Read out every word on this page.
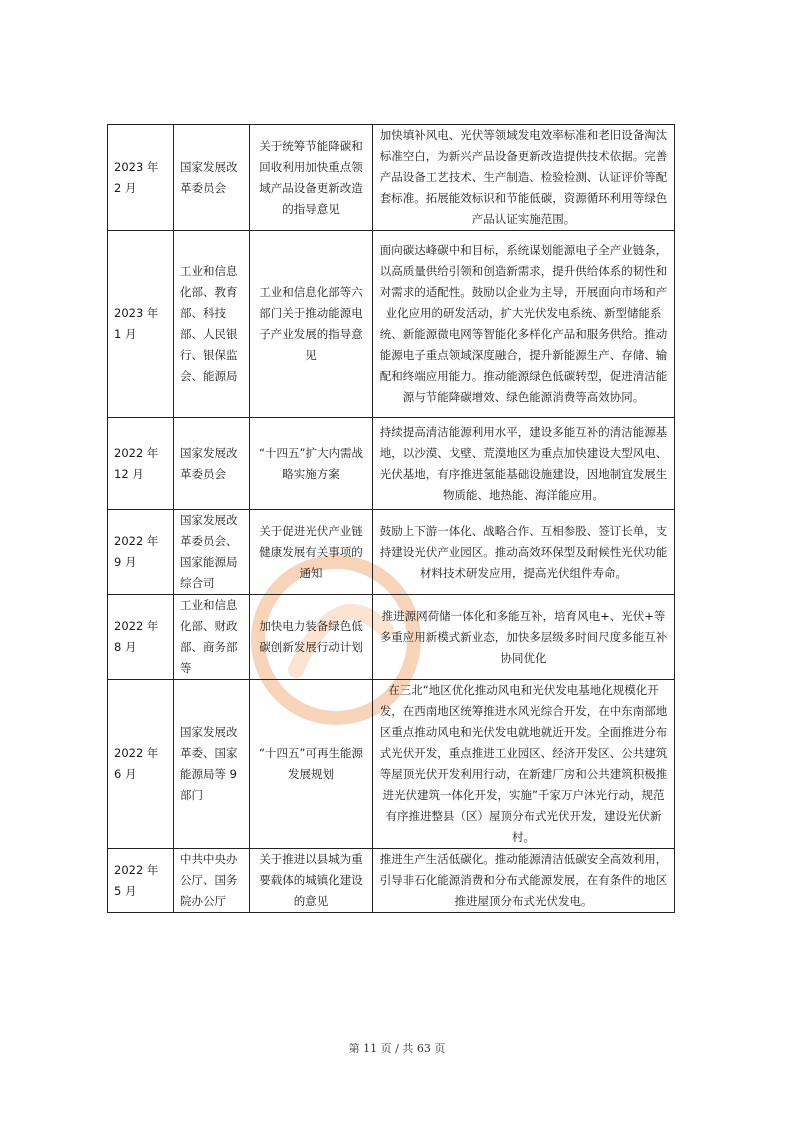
2023 年 2 月	国家发展改革委员会	关于统筹节能降碳和回收利用加快重点领域产品设备更新改造的指导意见	加快填补风电、光伏等领域发电效率标准和老旧设备淘汰标准空白，为新兴产品设备更新改造提供技术依据。完善产品设备工艺技术、生产制造、检验检测、认证评价等配套标准。拓展能效标识和节能低碳，资源循环利用等绿色产品认证实施范围。
2023 年 1 月	工业和信息化部、教育部、科技部、人民银行、银保监会、能源局	工业和信息化部等六部门关于推动能源电子产业发展的指导意见	面向碳达峰碳中和目标，系统谋划能源电子全产业链条，以高质量供给引领和创造新需求，提升供给体系的韧性和对需求的适配性。鼓励以企业为主导，开展面向市场和产业化应用的研发活动，扩大光伏发电系统、新型储能系统、新能源微电网等智能化多样化产品和服务供给。推动能源电子重点领域深度融合，提升新能源生产、存储、输配和终端应用能力。推动能源绿色低碳转型，促进清洁能源与节能降碳增效、绿色能源消费等高效协同。
2022 年 12 月	国家发展改革委员会	“十四五”扩大内需战略实施方案	持续提高清洁能源利用水平，建设多能互补的清洁能源基地，以沙漠、戈壁、荒漠地区为重点加快建设大型风电、光伏基地，有序推进氢能基础设施建设，因地制宜发展生物质能、地热能、海洋能应用。
2022 年 9 月	国家发展改革委员会、国家能源局综合司	关于促进光伏产业链健康发展有关事项的通知	鼓励上下游一体化、战略合作、互相参股、签订长单，支持建设光伏产业园区。推动高效环保型及耐候性光伏功能材料技术研发应用，提高光伏组件寿命。
2022 年 8 月	工业和信息化部、财政部、商务部等	加快电力装备绿色低碳创新发展行动计划	推进源网荷储一体化和多能互补，培育风电+、光伏+等多重应用新模式新业态，加快多层级多时间尺度多能互补协同优化
2022 年 6 月	国家发展改革委、国家能源局等 9 部门	“十四五”可再生能源发展规划	在三北“地区优化推动风电和光伏发电基地化规模化开发，在西南地区统筹推进水风光综合开发，在中东南部地区重点推动风电和光伏发电就地就近开发。全面推进分布式光伏开发，重点推进工业园区、经济开发区、公共建筑等屋顶光伏开发利用行动，在新建厂房和公共建筑积极推进光伏建筑一体化开发，实施”千家万户沐光行动，规范有序推进整县（区）屋顶分布式光伏开发，建设光伏新村。
2022 年 5 月	中共中央办公厅、国务院办公厅	关于推进以县城为重要载体的城镇化建设的意见	推进生产生活低碳化。推动能源清洁低碳安全高效利用，引导非石化能源消费和分布式能源发展，在有条件的地区推进屋顶分布式光伏发电。
第 11 页 / 共 63 页
